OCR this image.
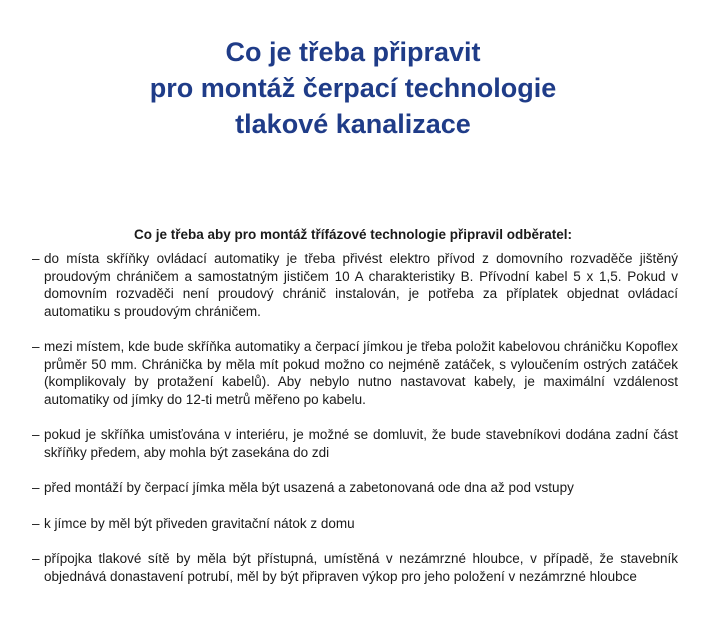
Co je třeba připravit
pro montáž čerpací technologie
tlakové kanalizace

Co je třeba aby pro montáž třífázové technologie připravil odběratel:

– do místa skříňky ovládací automatiky je třeba přivést elektro přívod z domovního rozvaděče jištěný proudovým chráničem a samostatným jističem 10 A charakteristiky B. Přívodní kabel 5 x 1,5. Pokud v domovním rozvaděči není proudový chránič instalován, je potřeba za příplatek objednat ovládací automatiku s proudovým chráničem.
– mezi místem, kde bude skříňka automatiky a čerpací jímkou je třeba položit kabelovou chráničku Kopoflex průměr 50 mm. Chránička by měla mít pokud možno co nejméně zatáček, s vyloučením ostrých zatáček (komplikovaly by protažení kabelů). Aby nebylo nutno nastavovat kabely, je maximální vzdálenost automatiky od jímky do 12-ti metrů měřeno po kabelu.
– pokud je skříňka umisťována v interiéru, je možné se domluvit, že bude stavebníkovi dodána zadní část skříňky předem, aby mohla být zasekána do zdi
– před montáží by čerpací jímka měla být usazená a zabetonovaná ode dna až pod vstupy
– k jímce by měl být přiveden gravitační nátok z domu
– přípojka tlakové sítě by měla být přístupná, umístěná v nezámrzné hloubce, v případě, že stavebník objednává donastavení potrubí, měl by být připraven výkop pro jeho položení v nezámrzné hloubce
